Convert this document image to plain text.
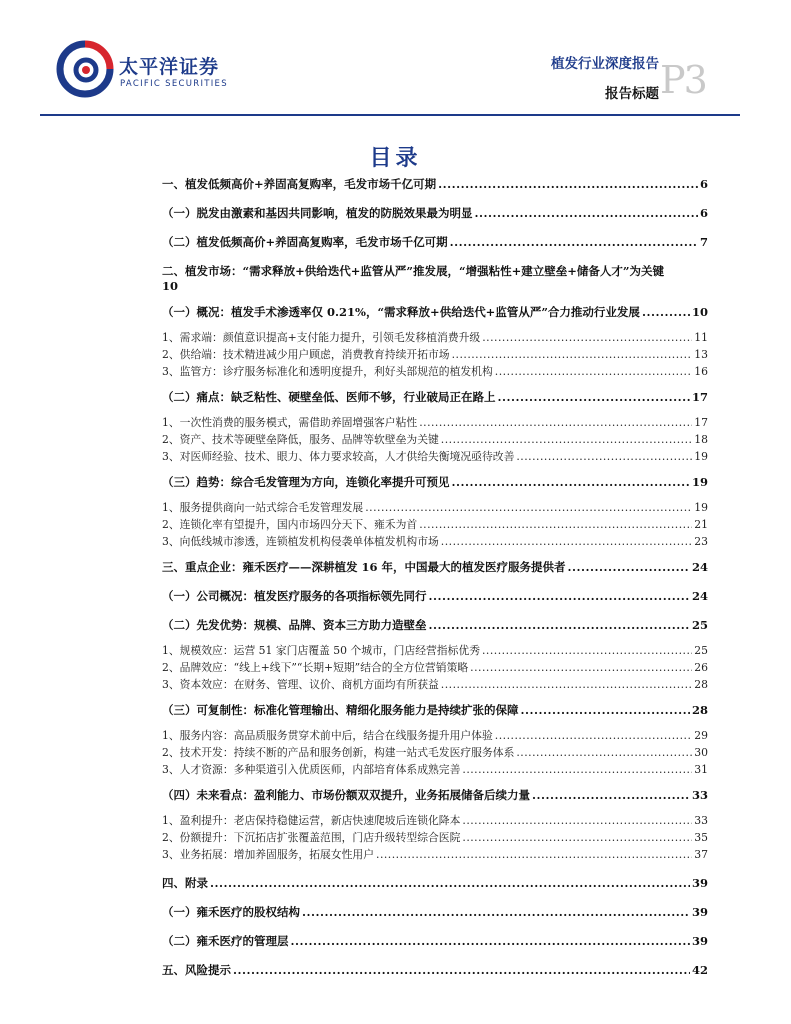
太平洋证券
PACIFIC SECURITIES
植发行业深度报告
报告标题 P3
目录
一、植发低频高价+养固高复购率，毛发市场千亿可期 .....	6
（一）脱发由激素和基因共同影响，植发的防脱效果最为明显 .....	6
（二）植发低频高价+养固高复购率，毛发市场千亿可期 .....	7
二、植发市场：“需求释放+供给迭代+监管从严”推发展，“增强粘性+建立壁垒+储备人才”为关键
10
（一）概况：植发手术渗透率仅 0.21%，“需求释放+供给迭代+监管从严”合力推动行业发展 .....	10
1、需求端：颜值意识提高+支付能力提升，引领毛发移植消费升级 .....	11
2、供给端：技术精进减少用户顾虑，消费教育持续开拓市场 .....	13
3、监管方：诊疗服务标准化和透明度提升，利好头部规范的植发机构 .....	16
（二）痛点：缺乏粘性、硬壁垒低、医师不够，行业破局正在路上 .....	17
1、一次性消费的服务模式，需借助养固增强客户粘性 .....	17
2、资产、技术等硬壁垒降低，服务、品牌等软壁垒为关键 .....	18
3、对医师经验、技术、眼力、体力要求较高，人才供给失衡境况亟待改善 .....	19
（三）趋势：综合毛发管理为方向，连锁化率提升可预见 .....	19
1、服务提供商向一站式综合毛发管理发展 .....	19
2、连锁化率有望提升，国内市场四分天下、雍禾为首 .....	21
3、向低线城市渗透，连锁植发机构侵袭单体植发机构市场 .....	23
三、重点企业：雍禾医疗——深耕植发 16 年，中国最大的植发医疗服务提供者 .....	24
（一）公司概况：植发医疗服务的各项指标领先同行 .....	24
（二）先发优势：规模、品牌、资本三方助力造壁垒 .....	25
1、规模效应：运营 51 家门店覆盖 50 个城市，门店经营指标优秀 .....	25
2、品牌效应：“线上+线下”“长期+短期”结合的全方位营销策略 .....	26
3、资本效应：在财务、管理、议价、商机方面均有所获益 .....	28
（三）可复制性：标准化管理输出、精细化服务能力是持续扩张的保障 .....	28
1、服务内容：高品质服务贯穿术前中后，结合在线服务提升用户体验 .....	29
2、技术开发：持续不断的产品和服务创新，构建一站式毛发医疗服务体系 .....	30
3、人才资源：多种渠道引入优质医师，内部培育体系成熟完善 .....	31
（四）未来看点：盈利能力、市场份额双双提升，业务拓展储备后续力量 .....	33
1、盈利提升：老店保持稳健运营，新店快速爬坡后连锁化降本 .....	33
2、份额提升：下沉拓店扩张覆盖范围，门店升级转型综合医院 .....	35
3、业务拓展：增加养固服务，拓展女性用户 .....	37
四、附录 .....	39
（一）雍禾医疗的股权结构 .....	39
（二）雍禾医疗的管理层 .....	39
五、风险提示 .....	42
